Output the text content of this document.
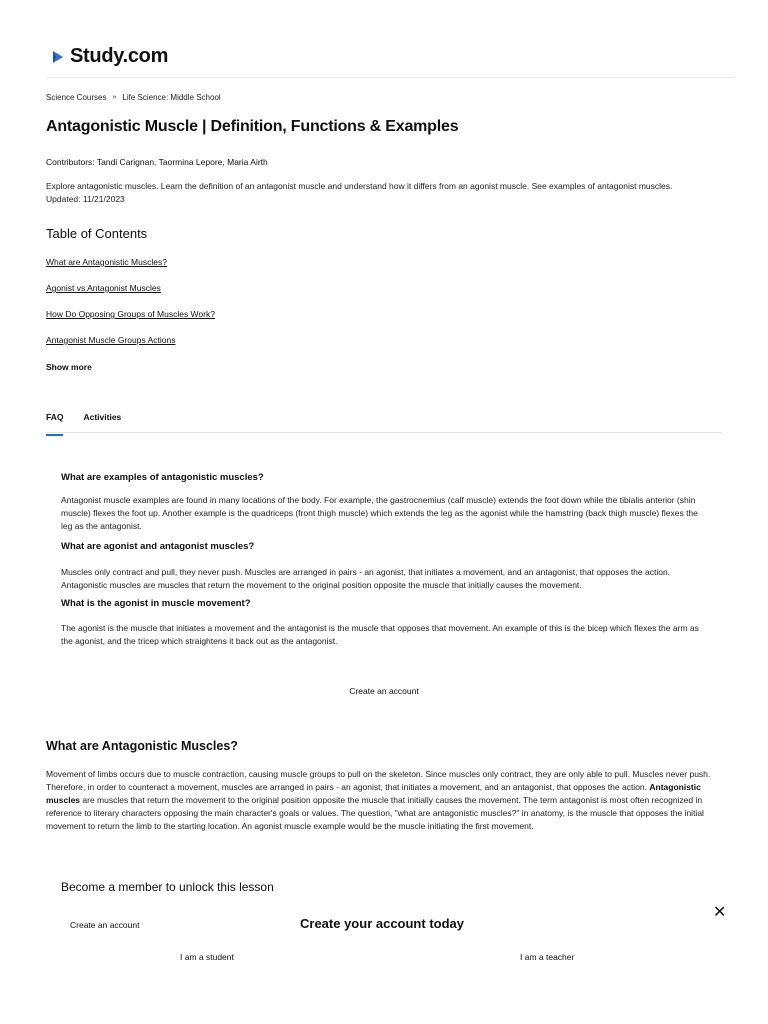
Study.com
Science Courses » Life Science: Middle School
Antagonistic Muscle | Definition, Functions & Examples
Contributors: Tandi Carignan, Taormina Lepore, Maria Airth
Explore antagonistic muscles. Learn the definition of an antagonist muscle and understand how it differs from an agonist muscle. See examples of antagonist muscles.
Updated: 11/21/2023
Table of Contents
What are Antagonistic Muscles?
Agonist vs Antagonist Muscles
How Do Opposing Groups of Muscles Work?
Antagonist Muscle Groups Actions
Show more
FAQ Activities
What are examples of antagonistic muscles?
Antagonist muscle examples are found in many locations of the body. For example, the gastrocnemius (calf muscle) extends the foot down while the tibialis anterior (shin muscle) flexes the foot up. Another example is the quadriceps (front thigh muscle) which extends the leg as the agonist while the hamstring (back thigh muscle) flexes the leg as the antagonist.
What are agonist and antagonist muscles?
Muscles only contract and pull, they never push. Muscles are arranged in pairs - an agonist, that initiates a movement, and an antagonist, that opposes the action. Antagonistic muscles are muscles that return the movement to the original position opposite the muscle that initially causes the movement.
What is the agonist in muscle movement?
The agonist is the muscle that initiates a movement and the antagonist is the muscle that opposes that movement. An example of this is the bicep which flexes the arm as the agonist, and the tricep which straightens it back out as the antagonist.
Create an account
What are Antagonistic Muscles?
Movement of limbs occurs due to muscle contraction, causing muscle groups to pull on the skeleton. Since muscles only contract, they are only able to pull. Muscles never push. Therefore, in order to counteract a movement, muscles are arranged in pairs - an agonist, that initiates a movement, and an antagonist, that opposes the action. Antagonistic muscles are muscles that return the movement to the original position opposite the muscle that initially causes the movement. The term antagonist is most often recognized in reference to literary characters opposing the main character's goals or values. The question, "what are antagonistic muscles?" in anatomy, is the muscle that opposes the initial movement to return the limb to the starting location. An agonist muscle example would be the muscle initiating the first movement.
Become a member to unlock this lesson
Create an account	Create your account today
✕
I am a student	I am a teacher
